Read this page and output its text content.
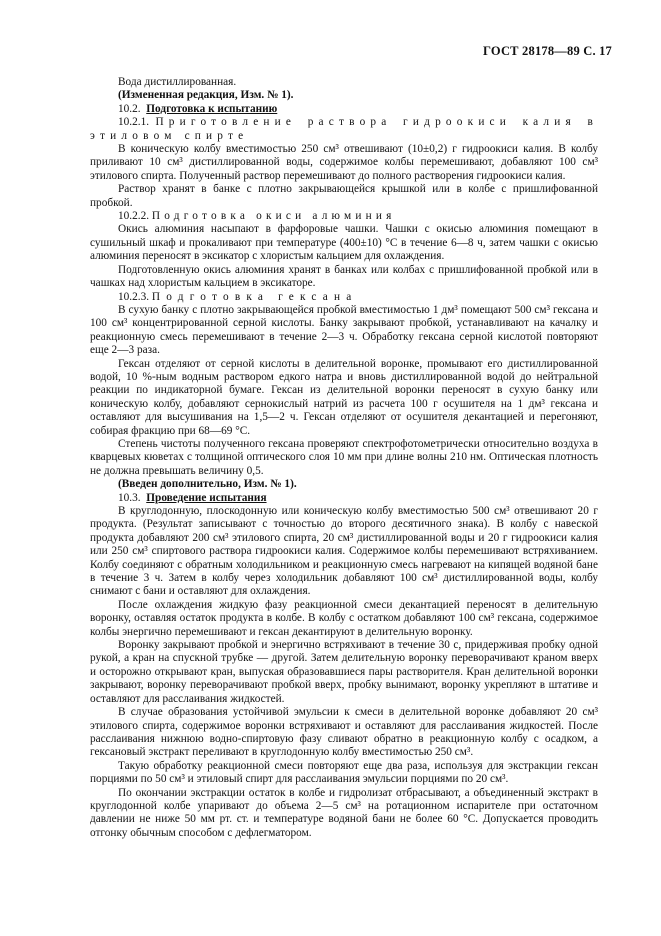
ГОСТ 28178—89 С. 17

Вода дистиллированная.

(Измененная редакция, Изм. № 1).

10.2. Подготовка к испытанию

10.2.1. Приготовление раствора гидроокиси калия в этиловом спирте

В коническую колбу вместимостью 250 см³ отвешивают (10±0,2) г гидроокиси калия. В колбу приливают 10 см³ дистиллированной воды, содержимое колбы перемешивают, добавляют 100 см³ этилового спирта. Полученный раствор перемешивают до полного растворения гидроокиси калия.

Раствор хранят в банке с плотно закрывающейся крышкой или в колбе с пришлифованной пробкой.

10.2.2. Подготовка окиси алюминия

Окись алюминия насыпают в фарфоровые чашки. Чашки с окисью алюминия помещают в сушильный шкаф и прокаливают при температуре (400±10) °С в течение 6—8 ч, затем чашки с окисью алюминия переносят в эксикатор с хлористым кальцием для охлаждения.

Подготовленную окись алюминия хранят в банках или колбах с пришлифованной пробкой или в чашках над хлористым кальцием в эксикаторе.

10.2.3. Подготовка гексана

В сухую банку с плотно закрывающейся пробкой вместимостью 1 дм³ помещают 500 см³ гексана и 100 см³ концентрированной серной кислоты. Банку закрывают пробкой, устанавливают на качалку и реакционную смесь перемешивают в течение 2—3 ч. Обработку гексана серной кислотой повторяют еще 2—3 раза.

Гексан отделяют от серной кислоты в делительной воронке, промывают его дистиллированной водой, 10 %-ным водным раствором едкого натра и вновь дистиллированной водой до нейтральной реакции по индикаторной бумаге. Гексан из делительной воронки переносят в сухую банку или коническую колбу, добавляют сернокислый натрий из расчета 100 г осушителя на 1 дм³ гексана и оставляют для высушивания на 1,5—2 ч. Гексан отделяют от осушителя декантацией и перегоняют, собирая фракцию при 68—69 °С.

Степень чистоты полученного гексана проверяют спектрофотометрически относительно воздуха в кварцевых кюветах с толщиной оптического слоя 10 мм при длине волны 210 нм. Оптическая плотность не должна превышать величину 0,5.

(Введен дополнительно, Изм. № 1).

10.3. Проведение испытания

В круглодонную, плоскодонную или коническую колбу вместимостью 500 см³ отвешивают 20 г продукта. (Результат записывают с точностью до второго десятичного знака). В колбу с навеской продукта добавляют 200 см³ этилового спирта, 20 см³ дистиллированной воды и 20 г гидроокиси калия или 250 см³ спиртового раствора гидроокиси калия. Содержимое колбы перемешивают встряхиванием. Колбу соединяют с обратным холодильником и реакционную смесь нагревают на кипящей водяной бане в течение 3 ч. Затем в колбу через холодильник добавляют 100 см³ дистиллированной воды, колбу снимают с бани и оставляют для охлаждения.

После охлаждения жидкую фазу реакционной смеси декантацией переносят в делительную воронку, оставляя остаток продукта в колбе. В колбу с остатком добавляют 100 см³ гексана, содержимое колбы энергично перемешивают и гексан декантируют в делительную воронку.

Воронку закрывают пробкой и энергично встряхивают в течение 30 с, придерживая пробку одной рукой, а кран на спускной трубке — другой. Затем делительную воронку переворачивают краном вверх и осторожно открывают кран, выпуская образовавшиеся пары растворителя. Кран делительной воронки закрывают, воронку переворачивают пробкой вверх, пробку вынимают, воронку укрепляют в штативе и оставляют для расслаивания жидкостей.

В случае образования устойчивой эмульсии к смеси в делительной воронке добавляют 20 см³ этилового спирта, содержимое воронки встряхивают и оставляют для расслаивания жидкостей. После расслаивания нижнюю водно-спиртовую фазу сливают обратно в реакционную колбу с осадком, а гексановый экстракт переливают в круглодонную колбу вместимостью 250 см³.

Такую обработку реакционной смеси повторяют еще два раза, используя для экстракции гексан порциями по 50 см³ и этиловый спирт для расслаивания эмульсии порциями по 20 см³.

По окончании экстракции остаток в колбе и гидролизат отбрасывают, а объединенный экстракт в круглодонной колбе упаривают до объема 2—5 см³ на ротационном испарителе при остаточном давлении не ниже 50 мм рт. ст. и температуре водяной бани не более 60 °С. Допускается проводить отгонку обычным способом с дефлегматором.
